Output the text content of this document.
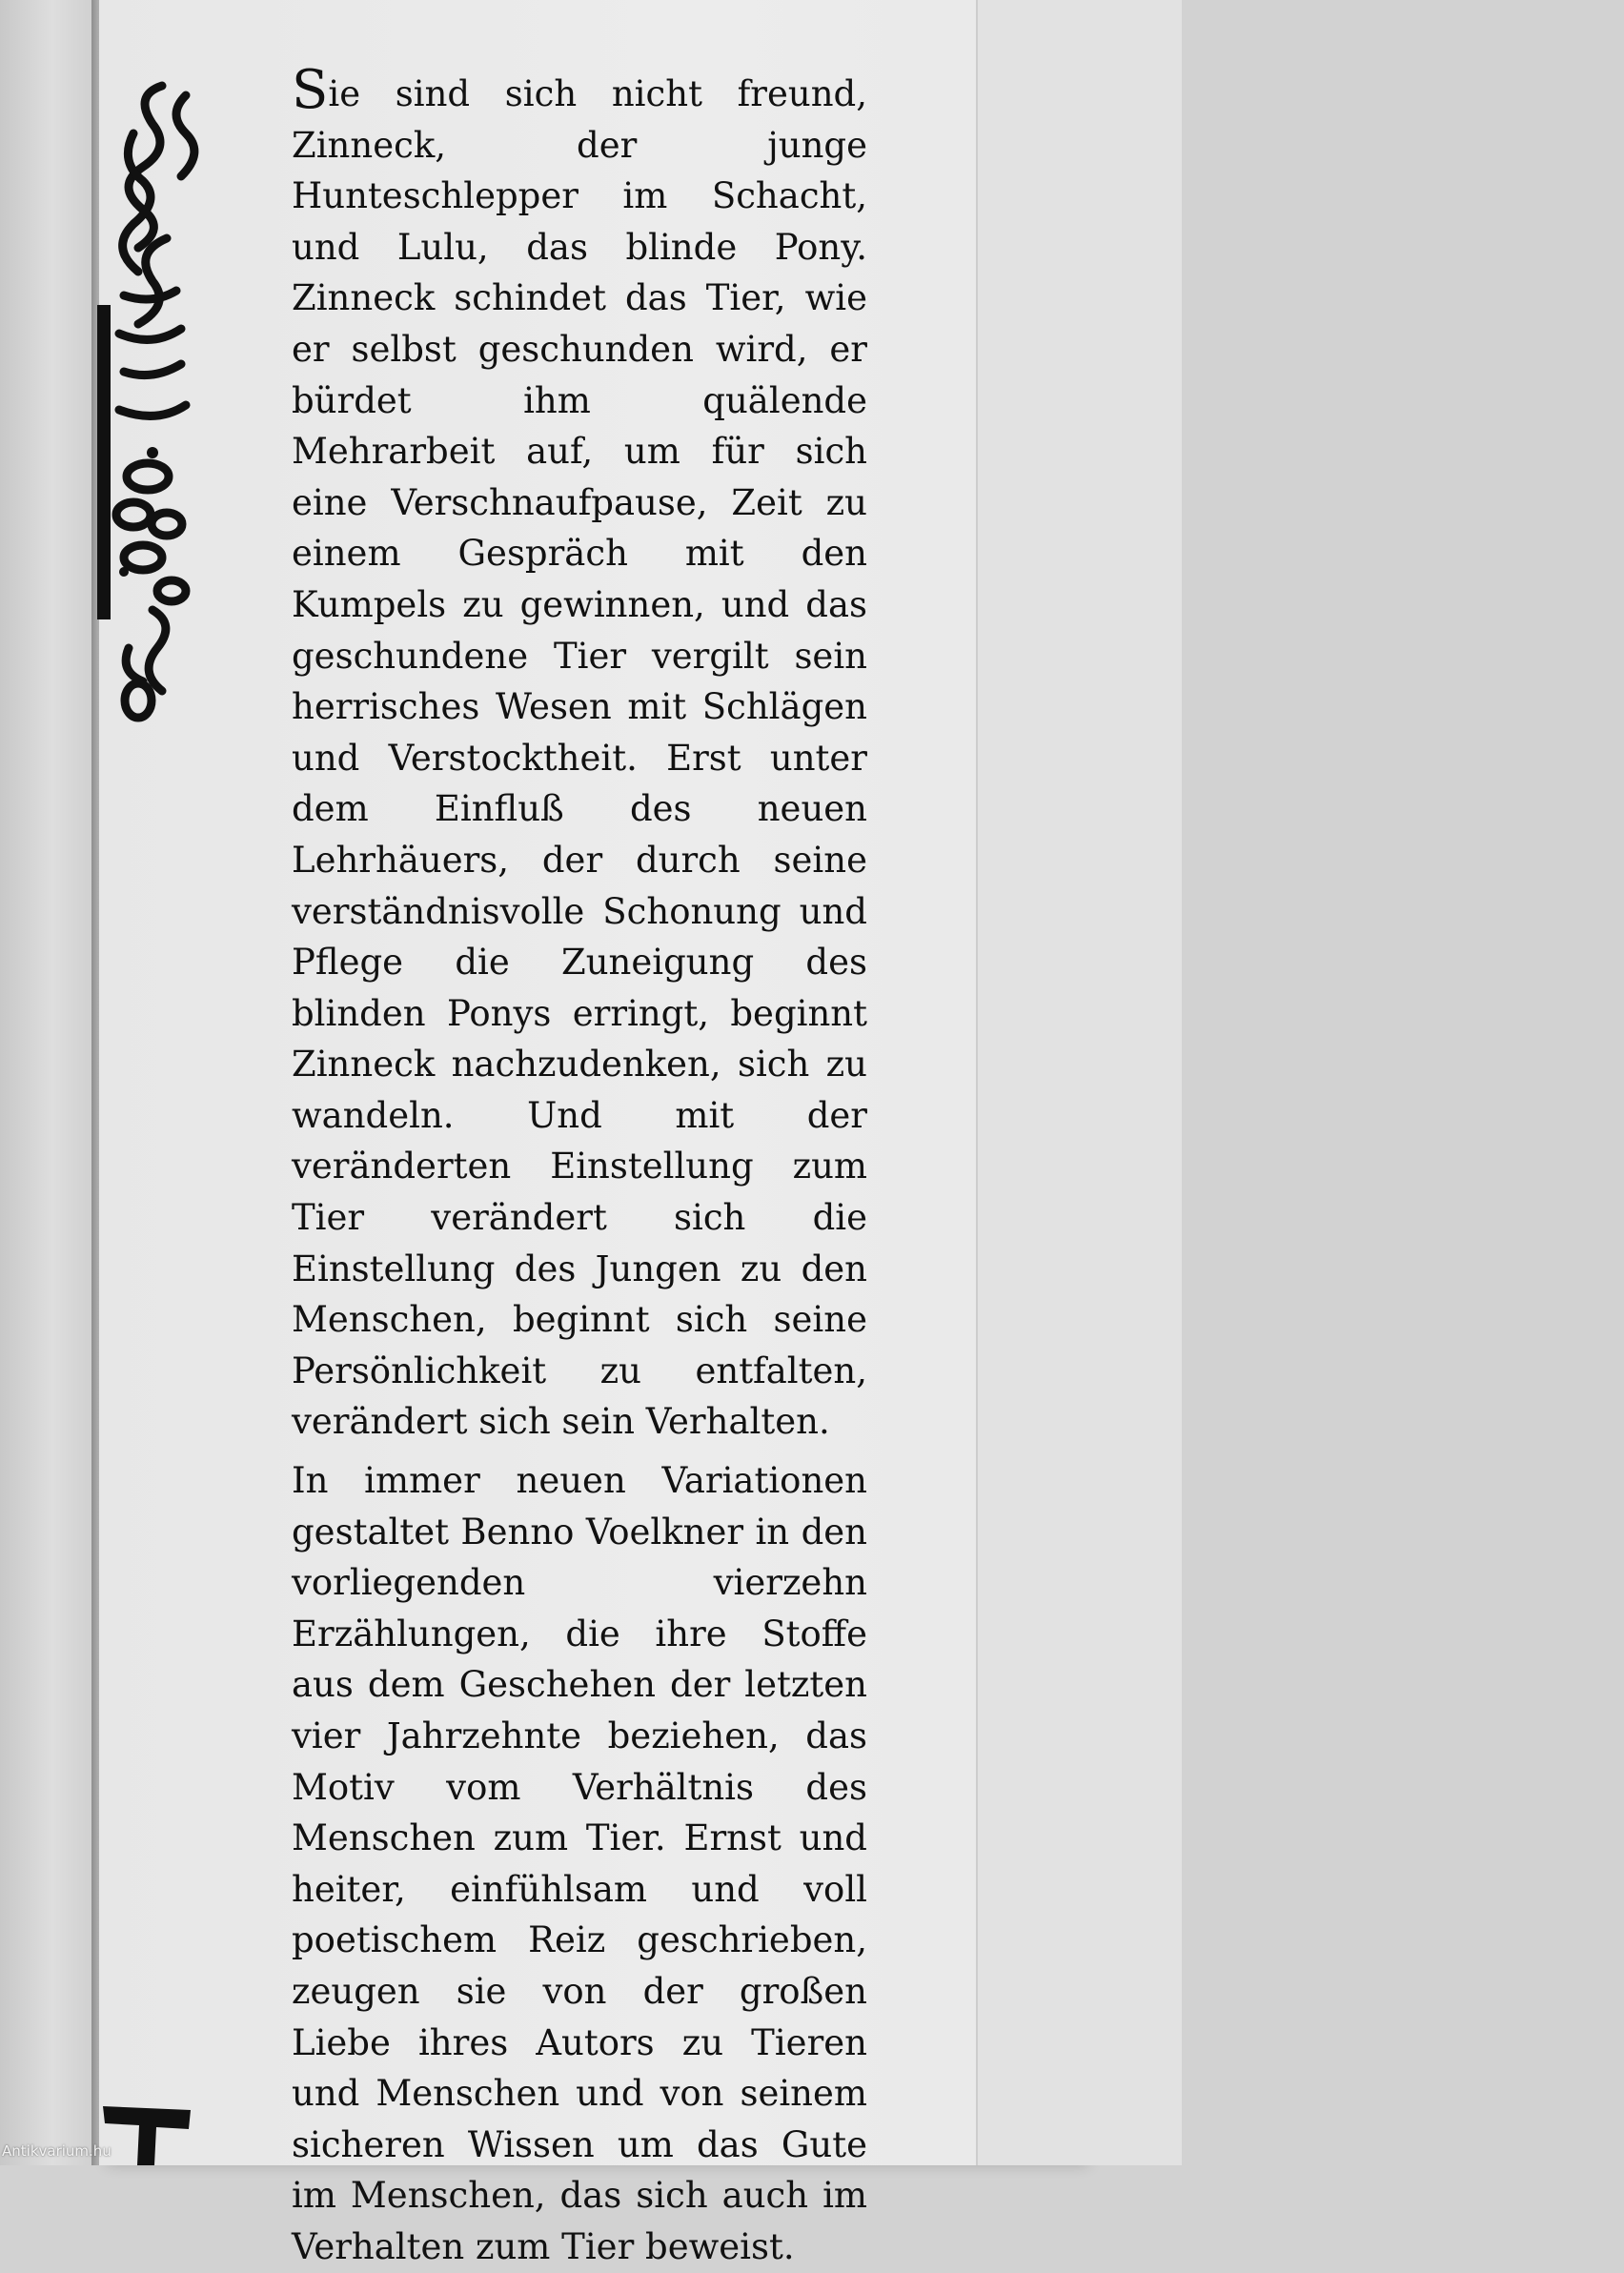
Sie sind sich nicht freund, Zinneck, der junge Hunteschlepper im Schacht, und Lulu, das blinde Pony. Zinneck schindet das Tier, wie er selbst geschunden wird, er bürdet ihm quälende Mehrarbeit auf, um für sich eine Verschnaufpause, Zeit zu einem Gespräch mit den Kumpels zu gewinnen, und das geschundene Tier vergilt sein herrisches Wesen mit Schlägen und Verstocktheit. Erst unter dem Einfluß des neuen Lehrhäuers, der durch seine verständnisvolle Schonung und Pflege die Zuneigung des blinden Ponys erringt, beginnt Zinneck nachzudenken, sich zu wandeln. Und mit der veränderten Einstellung zum Tier verändert sich die Einstellung des Jungen zu den Menschen, beginnt sich seine Persönlichkeit zu entfalten, verändert sich sein Verhalten.

In immer neuen Variationen gestaltet Benno Voelkner in den vorliegenden vierzehn Erzählungen, die ihre Stoffe aus dem Geschehen der letzten vier Jahrzehnte beziehen, das Motiv vom Verhältnis des Menschen zum Tier. Ernst und heiter, einfühlsam und voll poetischem Reiz geschrieben, zeugen sie von der großen Liebe ihres Autors zu Tieren und Menschen und von seinem sicheren Wissen um das Gute im Menschen, das sich auch im Verhalten zum Tier beweist.

Antikvarium.hu
